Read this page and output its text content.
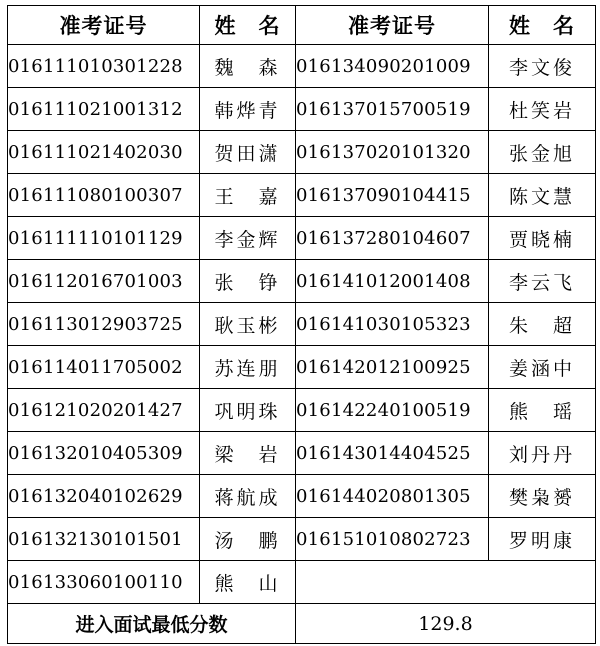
准考证号	姓　名	准考证号	姓　名
016111010301228	魏　森	016134090201009	李文俊
016111021001312	韩烨青	016137015700519	杜笑岩
016111021402030	贺田潇	016137020101320	张金旭
016111080100307	王　嘉	016137090104415	陈文慧
016111110101129	李金辉	016137280104607	贾晓楠
016112016701003	张　铮	016141012001408	李云飞
016113012903725	耿玉彬	016141030105323	朱　超
016114011705002	苏连朋	016142012100925	姜涵中
016121020201427	巩明珠	016142240100519	熊　瑶
016132010405309	梁　岩	016143014404525	刘丹丹
016132040102629	蒋航成	016144020801305	樊枭赟
016132130101501	汤　鹏	016151010802723	罗明康
016133060100110	熊　山		
进入面试最低分数		129.8	
